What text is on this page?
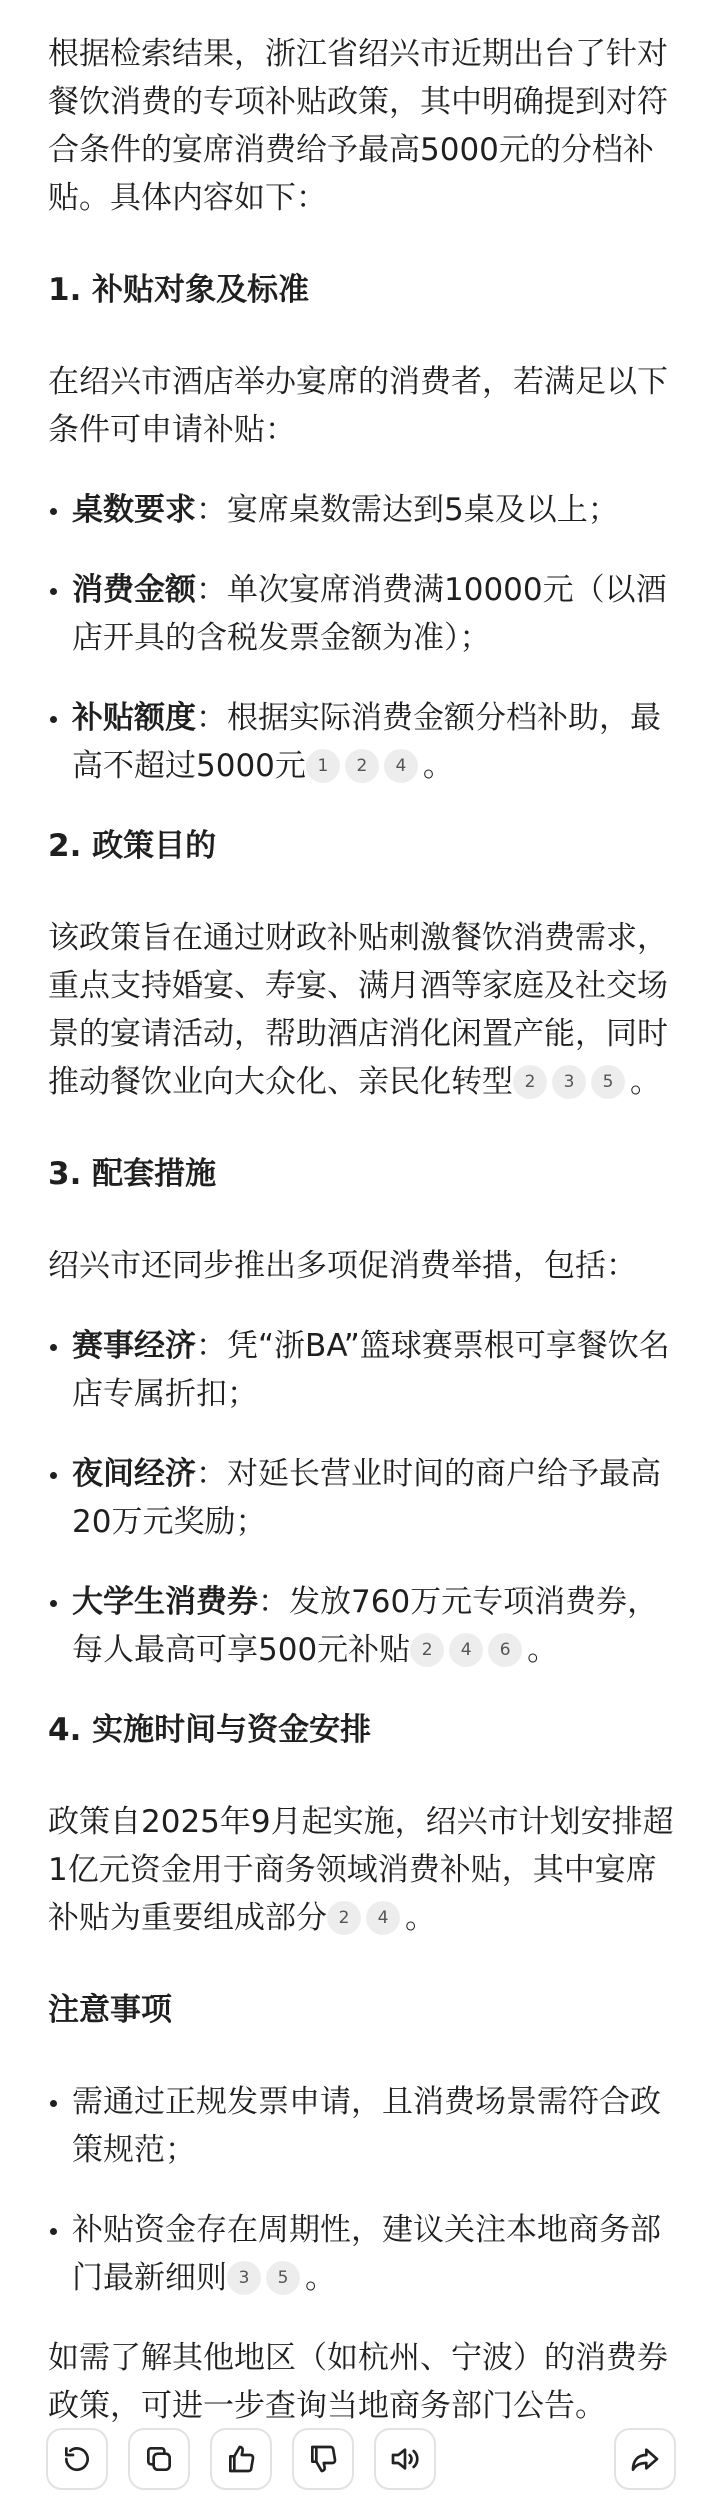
根据检索结果，浙江省绍兴市近期出台了针对餐饮消费的专项补贴政策，其中明确提到对符合条件的宴席消费给予最高5000元的分档补贴。具体内容如下：

1. 补贴对象及标准

在绍兴市酒店举办宴席的消费者，若满足以下条件可申请补贴：

桌数要求：宴席桌数需达到5桌及以上；
消费金额：单次宴席消费满10000元（以酒店开具的含税发票金额为准）；
补贴额度：根据实际消费金额分档补助，最高不超过5000元 1 2 4 。
2. 政策目的

该政策旨在通过财政补贴刺激餐饮消费需求，重点支持婚宴、寿宴、满月酒等家庭及社交场景的宴请活动，帮助酒店消化闲置产能，同时推动餐饮业向大众化、亲民化转型 2 3 5 。

3. 配套措施

绍兴市还同步推出多项促消费举措，包括：

赛事经济：凭“浙BA”篮球赛票根可享餐饮名店专属折扣；
夜间经济：对延长营业时间的商户给予最高20万元奖励；
大学生消费券：发放760万元专项消费券，每人最高可享500元补贴 2 4 6 。
4. 实施时间与资金安排

政策自2025年9月起实施，绍兴市计划安排超1亿元资金用于商务领域消费补贴，其中宴席补贴为重要组成部分 2 4 。

注意事项
需通过正规发票申请，且消费场景需符合政策规范；
补贴资金存在周期性，建议关注本地商务部门最新细则 3 5 。

如需了解其他地区（如杭州、宁波）的消费券政策，可进一步查询当地商务部门公告。
